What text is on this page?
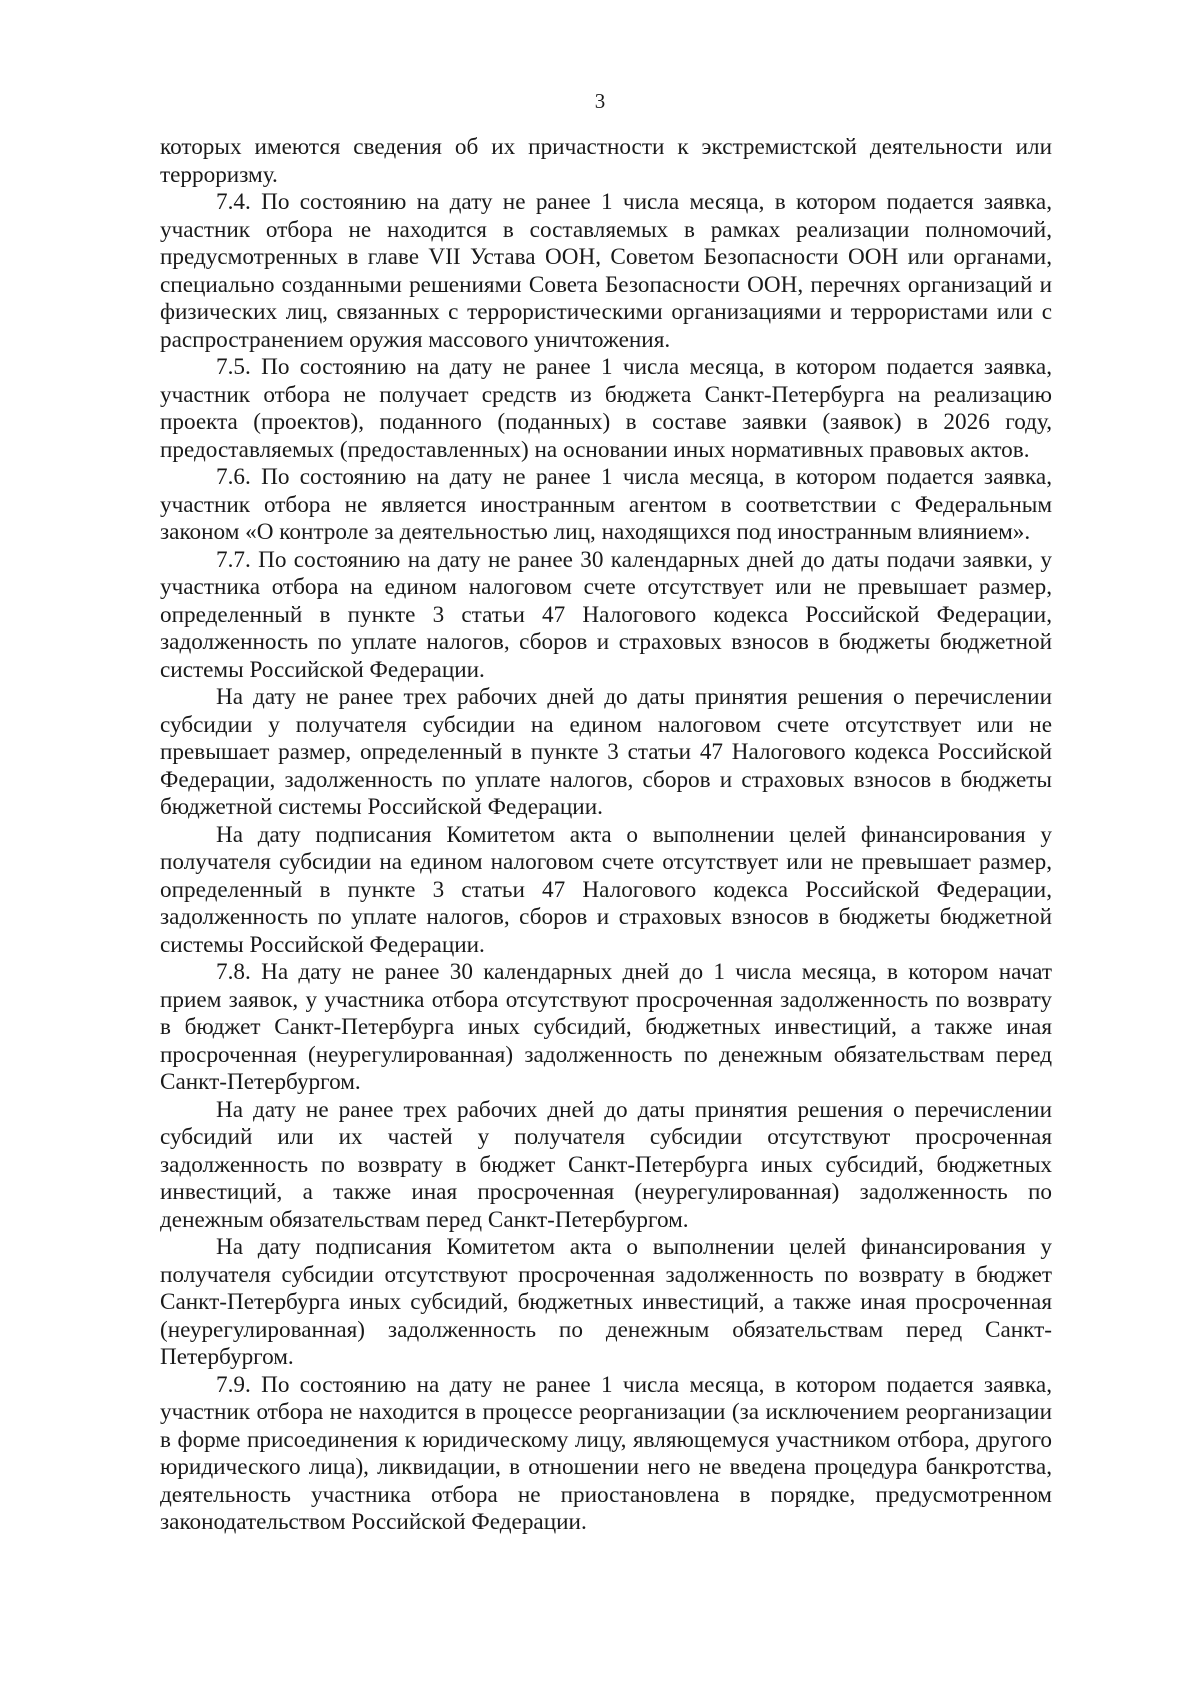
3

которых имеются сведения об их причастности к экстремистской деятельности или терроризму.

7.4. По состоянию на дату не ранее 1 числа месяца, в котором подается заявка, участник отбора не находится в составляемых в рамках реализации полномочий, предусмотренных в главе VII Устава ООН, Советом Безопасности ООН или органами, специально созданными решениями Совета Безопасности ООН, перечнях организаций и физических лиц, связанных с террористическими организациями и террористами или с распространением оружия массового уничтожения.

7.5. По состоянию на дату не ранее 1 числа месяца, в котором подается заявка, участник отбора не получает средств из бюджета Санкт-Петербурга на реализацию проекта (проектов), поданного (поданных) в составе заявки (заявок) в 2026 году, предоставляемых (предоставленных) на основании иных нормативных правовых актов.

7.6. По состоянию на дату не ранее 1 числа месяца, в котором подается заявка, участник отбора не является иностранным агентом в соответствии с Федеральным законом «О контроле за деятельностью лиц, находящихся под иностранным влиянием».

7.7. По состоянию на дату не ранее 30 календарных дней до даты подачи заявки, у участника отбора на едином налоговом счете отсутствует или не превышает размер, определенный в пункте 3 статьи 47 Налогового кодекса Российской Федерации, задолженность по уплате налогов, сборов и страховых взносов в бюджеты бюджетной системы Российской Федерации.

На дату не ранее трех рабочих дней до даты принятия решения о перечислении субсидии у получателя субсидии на едином налоговом счете отсутствует или не превышает размер, определенный в пункте 3 статьи 47 Налогового кодекса Российской Федерации, задолженность по уплате налогов, сборов и страховых взносов в бюджеты бюджетной системы Российской Федерации.

На дату подписания Комитетом акта о выполнении целей финансирования у получателя субсидии на едином налоговом счете отсутствует или не превышает размер, определенный в пункте 3 статьи 47 Налогового кодекса Российской Федерации, задолженность по уплате налогов, сборов и страховых взносов в бюджеты бюджетной системы Российской Федерации.

7.8. На дату не ранее 30 календарных дней до 1 числа месяца, в котором начат прием заявок, у участника отбора отсутствуют просроченная задолженность по возврату в бюджет Санкт-Петербурга иных субсидий, бюджетных инвестиций, а также иная просроченная (неурегулированная) задолженность по денежным обязательствам перед Санкт-Петербургом.

На дату не ранее трех рабочих дней до даты принятия решения о перечислении субсидий или их частей у получателя субсидии отсутствуют просроченная задолженность по возврату в бюджет Санкт-Петербурга иных субсидий, бюджетных инвестиций, а также иная просроченная (неурегулированная) задолженность по денежным обязательствам перед Санкт-Петербургом.

На дату подписания Комитетом акта о выполнении целей финансирования у получателя субсидии отсутствуют просроченная задолженность по возврату в бюджет Санкт-Петербурга иных субсидий, бюджетных инвестиций, а также иная просроченная (неурегулированная) задолженность по денежным обязательствам перед Санкт-Петербургом.

7.9. По состоянию на дату не ранее 1 числа месяца, в котором подается заявка, участник отбора не находится в процессе реорганизации (за исключением реорганизации в форме присоединения к юридическому лицу, являющемуся участником отбора, другого юридического лица), ликвидации, в отношении него не введена процедура банкротства, деятельность участника отбора не приостановлена в порядке, предусмотренном законодательством Российской Федерации.
